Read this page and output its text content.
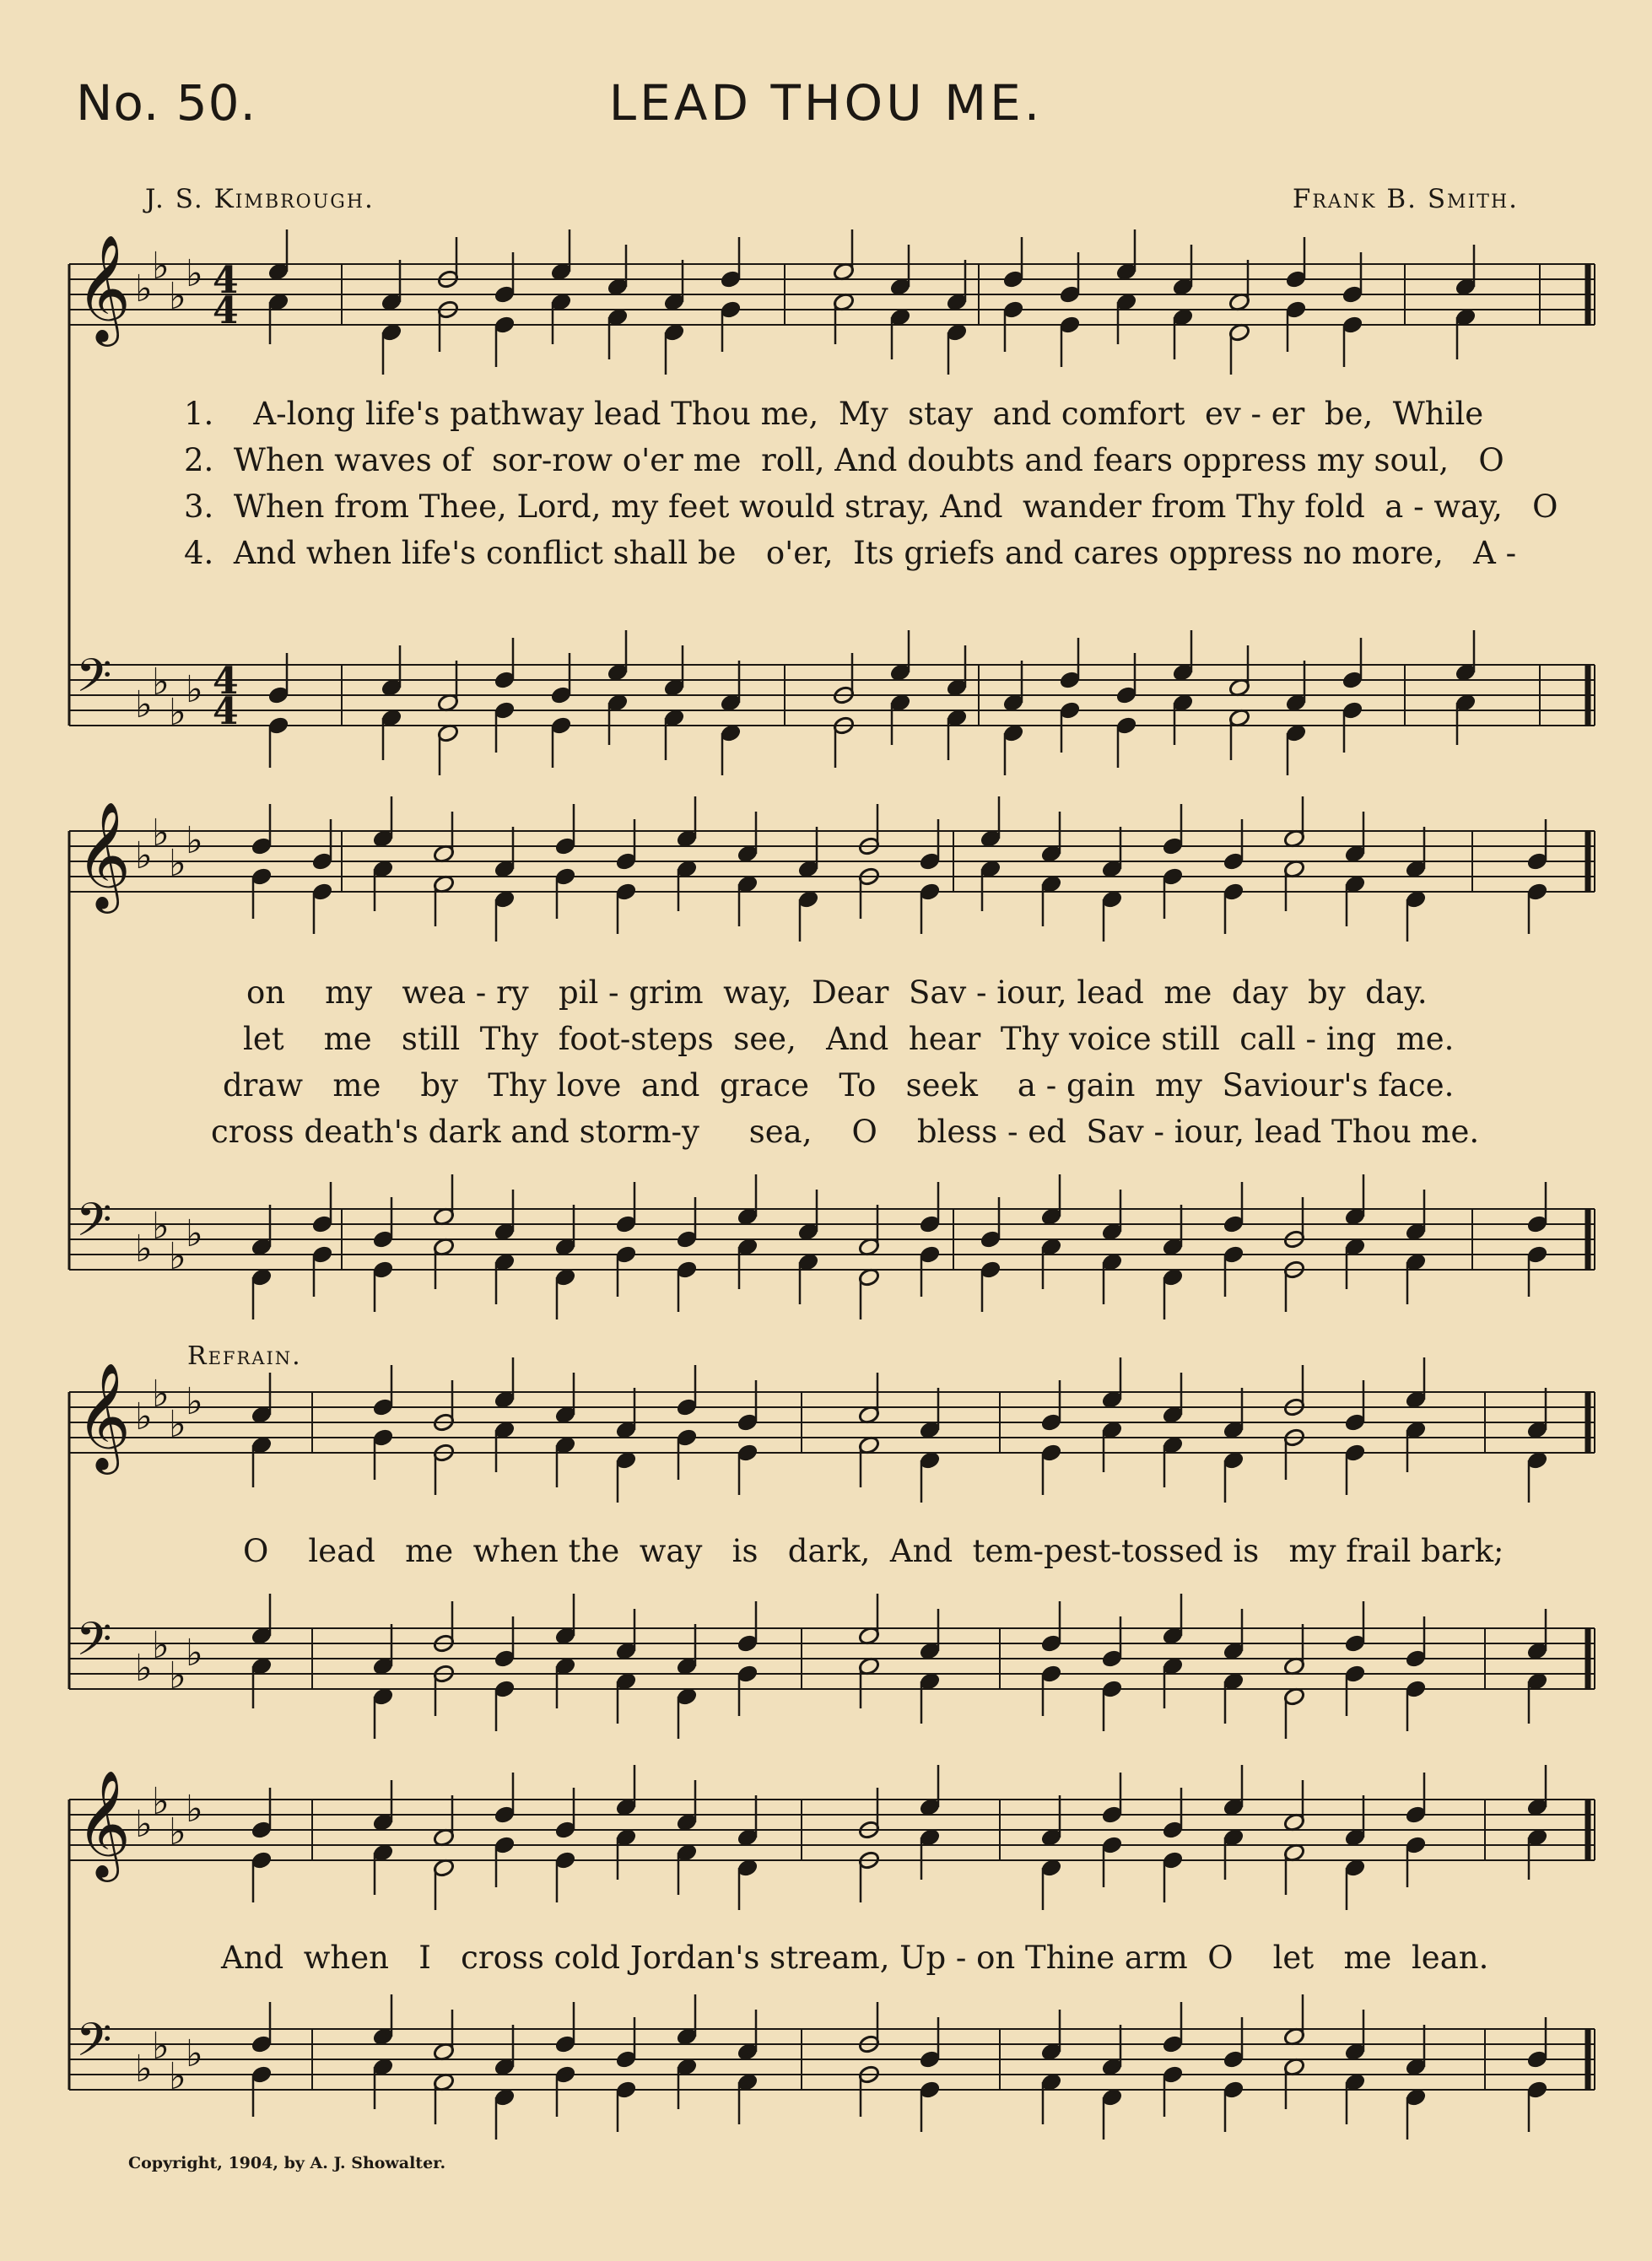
No. 50.	LEAD THOU ME.
J. S. Kimbrough.	Frank B. Smith.
𝄞 ♭
♭
♭
♭ 4
4
𝄢 ♭
♭
♭
♭ 4
4
𝄞 ♭
♭
♭
♭
𝄢 ♭
♭
♭
♭
𝄞 ♭
♭
♭
♭
𝄢 ♭
♭
♭
♭
𝄞 ♭
♭
♭
♭
𝄢 ♭
♭
♭
♭
1.    A-long life's pathway lead Thou me,  My  stay  and comfort  ev - er  be,  While
2.  When waves of  sor-row o'er me  roll, And doubts and fears oppress my soul,   O
3.  When from Thee, Lord, my feet would stray, And  wander from Thy fold  a - way,   O
4.  And when life's conflict shall be   o'er,  Its griefs and cares oppress no more,   A -
on    my   wea - ry   pil - grim  way,  Dear  Sav - iour, lead  me  day  by  day.
let    me   still  Thy  foot-steps  see,   And  hear  Thy voice still  call - ing  me.
draw   me    by   Thy love  and  grace   To   seek    a - gain  my  Saviour's face.
cross death's dark and storm-y     sea,    O    bless - ed  Sav - iour, lead Thou me.
Refrain.
O    lead   me  when the  way   is   dark,  And  tem-pest-tossed is   my frail bark;
And  when   I   cross cold Jordan's stream, Up - on Thine arm  O    let   me  lean.
Copyright, 1904, by A. J. Showalter.
